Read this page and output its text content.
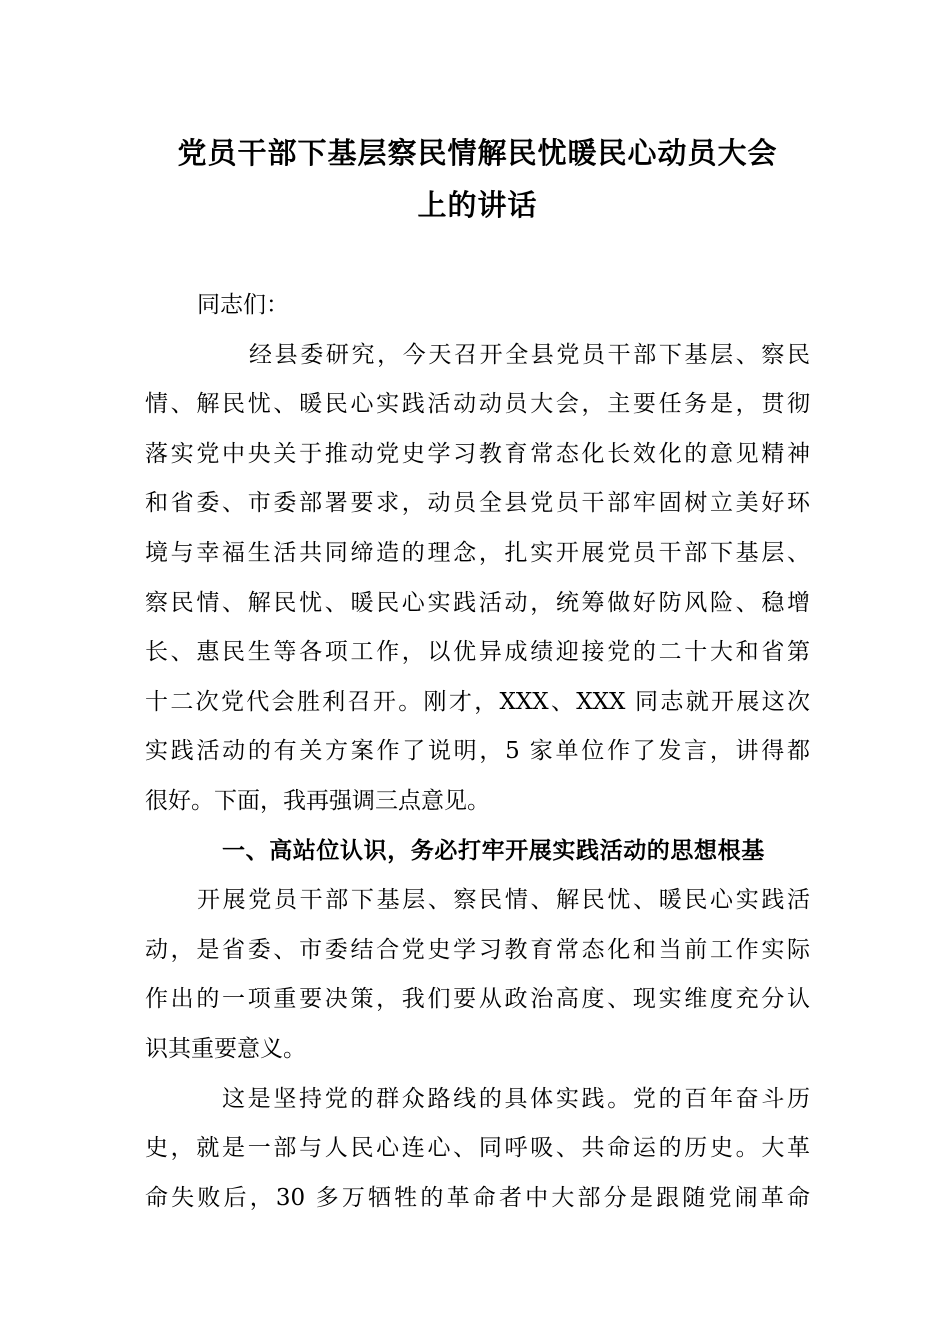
党员干部下基层察民情解民忧暖民心动员大会
上的讲话
同志们：
经县委研究，今天召开全县党员干部下基层、察民
情、解民忧、暖民心实践活动动员大会，主要任务是，贯彻
落实党中央关于推动党史学习教育常态化长效化的意见精神
和省委、市委部署要求，动员全县党员干部牢固树立美好环
境与幸福生活共同缔造的理念，扎实开展党员干部下基层、
察民情、解民忧、暖民心实践活动，统筹做好防风险、稳增
长、惠民生等各项工作，以优异成绩迎接党的二十大和省第
十二次党代会胜利召开。刚才，XXX、XXX 同志就开展这次
实践活动的有关方案作了说明，5 家单位作了发言，讲得都
很好。下面，我再强调三点意见。
一、高站位认识，务必打牢开展实践活动的思想根基
开展党员干部下基层、察民情、解民忧、暖民心实践活
动，是省委、市委结合党史学习教育常态化和当前工作实际
作出的一项重要决策，我们要从政治高度、现实维度充分认
识其重要意义。
这是坚持党的群众路线的具体实践。党的百年奋斗历
史，就是一部与人民心连心、同呼吸、共命运的历史。大革
命失败后，30 多万牺牲的革命者中大部分是跟随党闹革命
